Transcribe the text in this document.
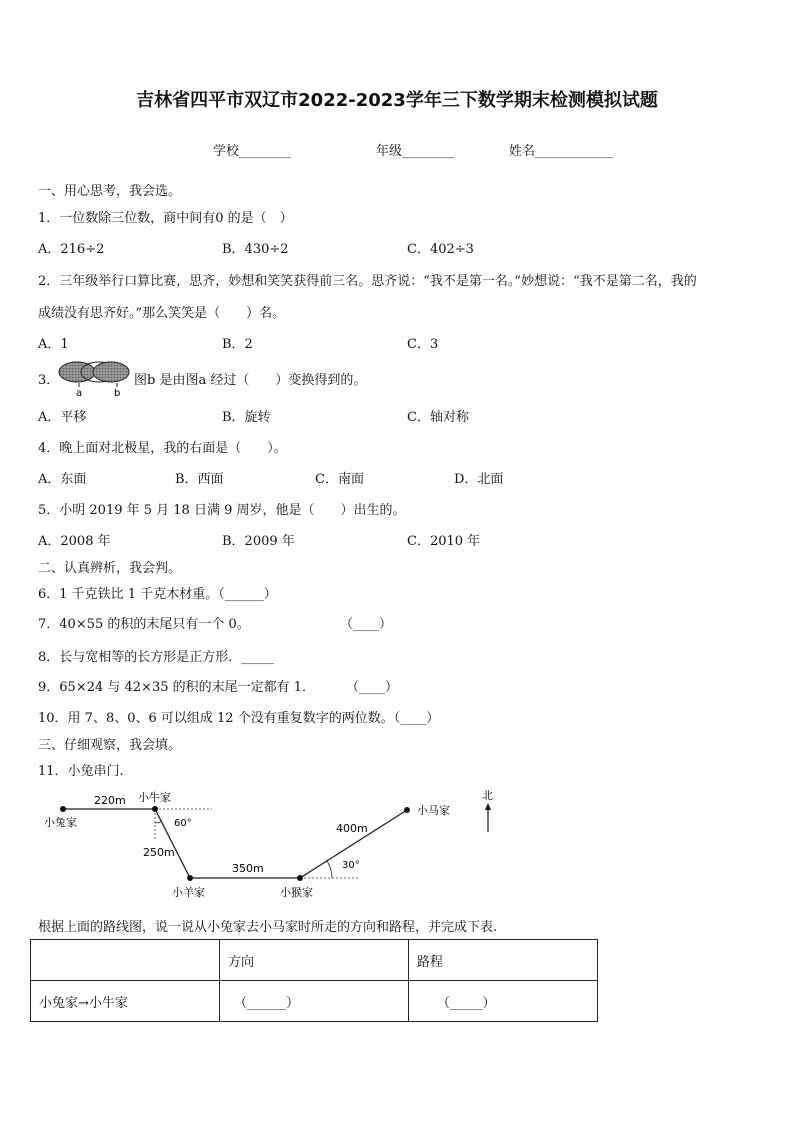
吉林省四平市双辽市2022-2023学年三下数学期末检测模拟试题
学校________	年级________	姓名____________
一、用心思考，我会选。
1．一位数除三位数，商中间有0 的是（　）
A．216÷2	B．430÷2	C．402÷3
2．三年级举行口算比赛，思齐，妙想和笑笑获得前三名。思齐说：“我不是第一名。”妙想说：“我不是第二名，我的
成绩没有思齐好。”那么笑笑是（　　）名。
A．1	B．2	C．3
3．
a	b
图b 是由图a 经过（　　）变换得到的。
A．平移	B．旋转	C．轴对称
4．晚上面对北极星，我的右面是（　　）。
A．东面	B．西面	C．南面	D．北面
5．小明 2019 年 5 月 18 日满 9 周岁，他是（　　）出生的。
A．2008 年	B．2009 年	C．2010 年
二、认真辨析，我会判。
6．1 千克铁比 1 千克木材重。（______）
7．40×55 的积的末尾只有一个 0。	（____）
8．长与宽相等的长方形是正方形．_____
9．65×24 与 42×35 的积的末尾一定都有 1． （____）
10．用 7、8、0、6 可以组成 12 个没有重复数字的两位数。（____）
三、仔细观察，我会填。
11．小兔串门.
小兔家
小牛家
小羊家	小猴家
小马家
220m
250m
350m
400m
60°
30°
北
根据上面的路线图，说一说从小兔家去小马家时所走的方向和路程，并完成下表.
	方向	路程
小兔家→小牛家	（______）	（_____）
